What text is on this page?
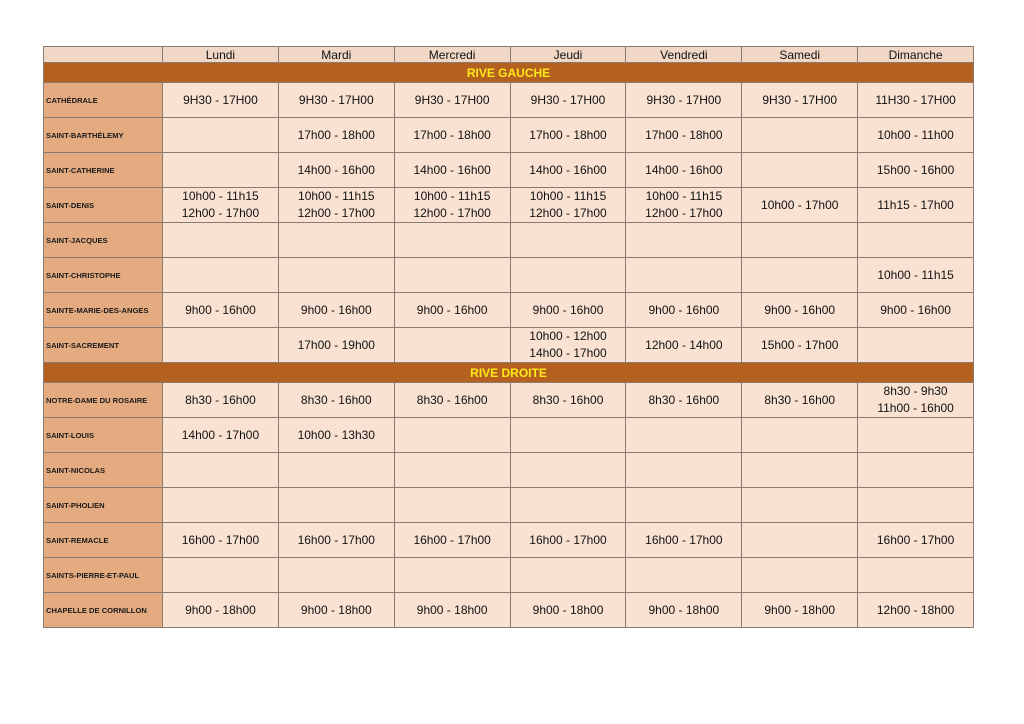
	Lundi	Mardi	Mercredi	Jeudi	Vendredi	Samedi	Dimanche
RIVE GAUCHE							
CATHÉDRALE	9H30 - 17H00	9H30 - 17H00	9H30 - 17H00	9H30 - 17H00	9H30 - 17H00	9H30 - 17H00	11H30 - 17H00

SAINT-BARTHÉLEMY		17h00 - 18h00	17h00 - 18h00	17h00 - 18h00	17h00 - 18h00		10h00 - 11h00

SAINT-CATHERINE		14h00 - 16h00	14h00 - 16h00	14h00 - 16h00	14h00 - 16h00		15h00 - 16h00

SAINT-DENIS	10h00 - 11h15
12h00 - 17h00	10h00 - 11h15
12h00 - 17h00	10h00 - 11h15
12h00 - 17h00	10h00 - 11h15
12h00 - 17h00	10h00 - 11h15
12h00 - 17h00	10h00 - 17h00	11h15 - 17h00

SAINT-JACQUES							
SAINT-CHRISTOPHE							10h00 - 11h15

SAINTE-MARIE-DES-ANGES	9h00 - 16h00	9h00 - 16h00	9h00 - 16h00	9h00 - 16h00	9h00 - 16h00	9h00 - 16h00	9h00 - 16h00

SAINT-SACREMENT		17h00 - 19h00		10h00 - 12h00
14h00 - 17h00	12h00 - 14h00	15h00 - 17h00	

RIVE DROITE							
NOTRE-DAME DU ROSAIRE	8h30 - 16h00	8h30 - 16h00	8h30 - 16h00	8h30 - 16h00	8h30 - 16h00	8h30 - 16h00	8h30 - 9h30
11h00 - 16h00

SAINT-LOUIS	14h00 - 17h00	10h00 - 13h30					

SAINT-NICOLAS							
SAINT-PHOLIEN							
SAINT-REMACLE	16h00 - 17h00	16h00 - 17h00	16h00 - 17h00	16h00 - 17h00	16h00 - 17h00		16h00 - 17h00

SAINTS-PIERRE-ET-PAUL							
CHAPELLE DE CORNILLON	9h00 - 18h00	9h00 - 18h00	9h00 - 18h00	9h00 - 18h00	9h00 - 18h00	9h00 - 18h00	12h00 - 18h00
